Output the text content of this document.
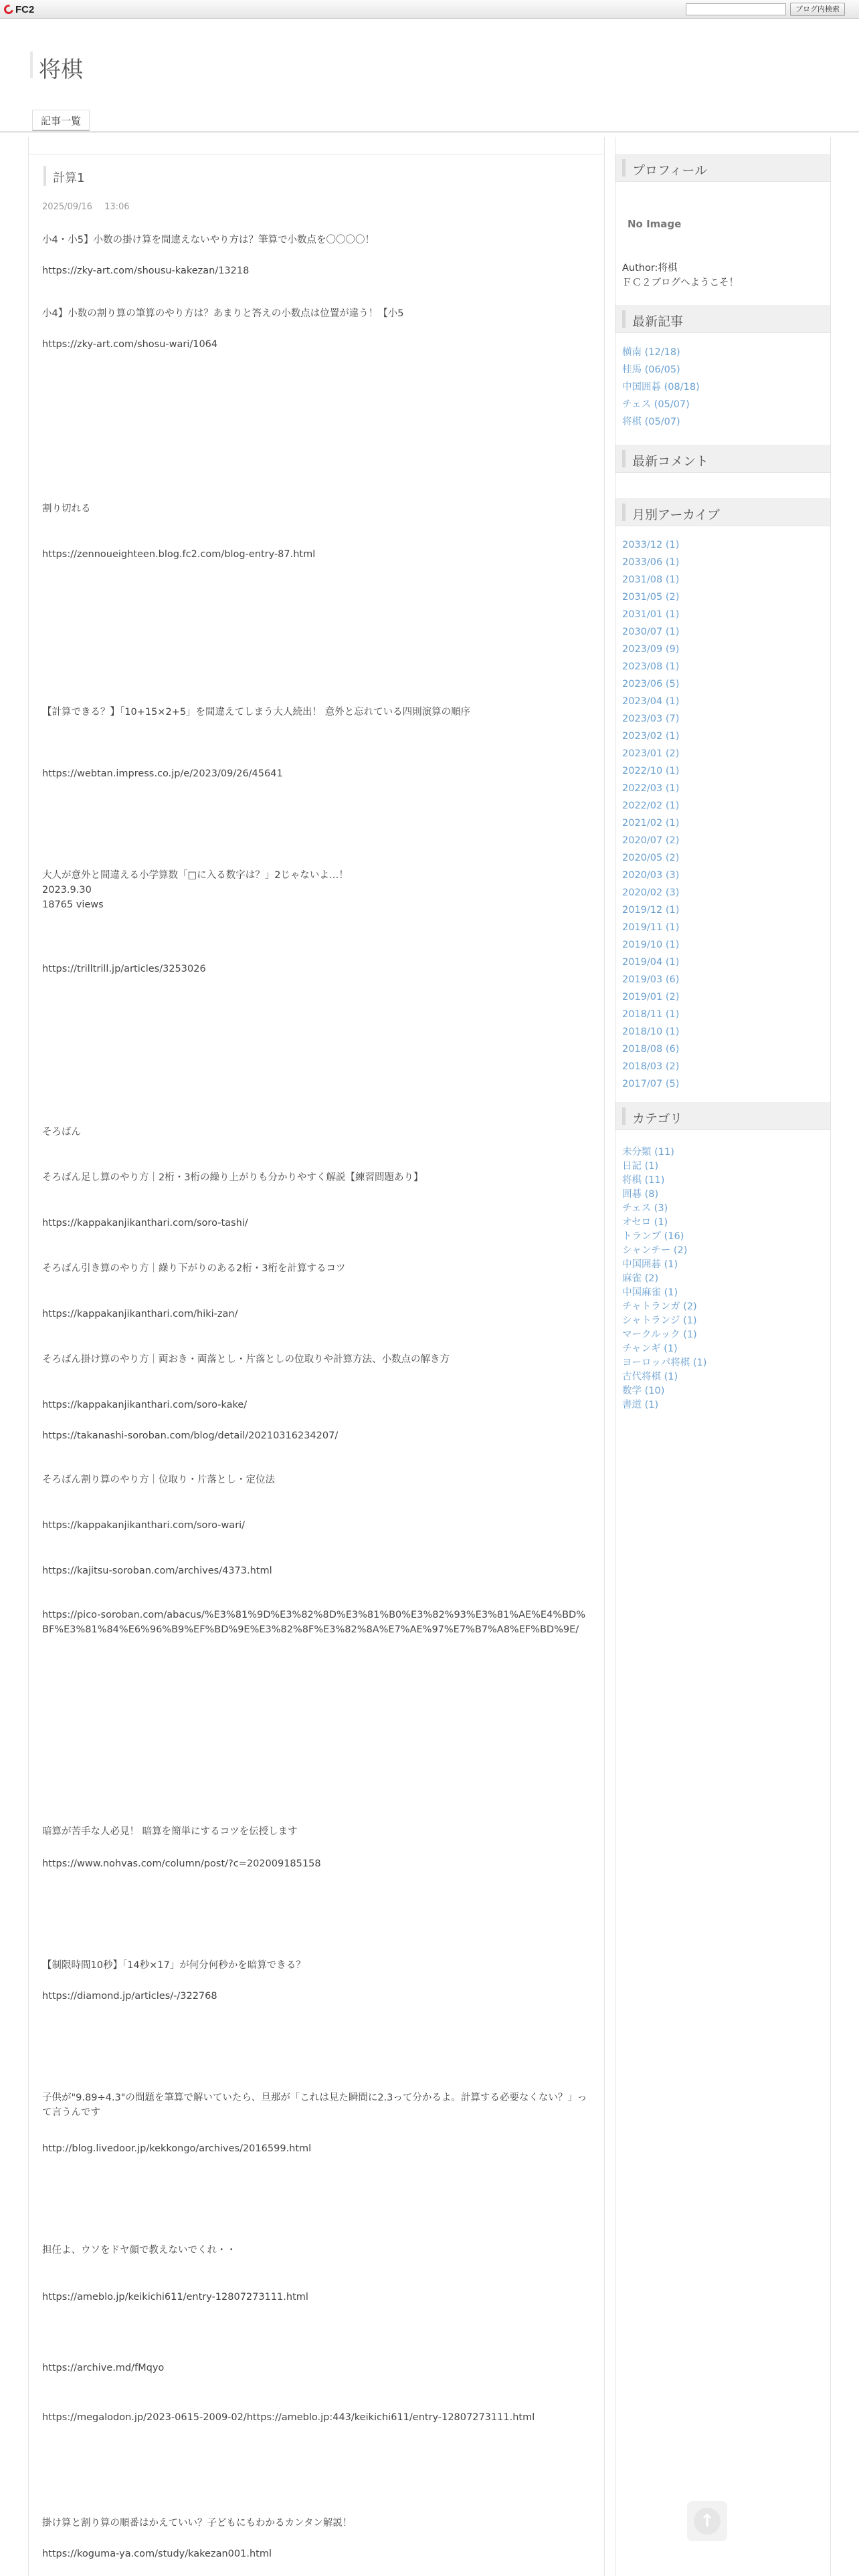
FC2	ブログ内検索
将棋
記事一覧
計算1
2025/09/16 13:06
小4・小5】小数の掛け算を間違えないやり方は？筆算で小数点を〇〇〇〇！
https://zky-art.com/shousu-kakezan/13218
小4】小数の割り算の筆算のやり方は？あまりと答えの小数点は位置が違う！【小5
https://zky-art.com/shosu-wari/1064
割り切れる
https://zennoueighteen.blog.fc2.com/blog-entry-87.html
【計算できる？】「10+15×2+5」を間違えてしまう大人続出！ 意外と忘れている四則演算の順序
https://webtan.impress.co.jp/e/2023/09/26/45641
大人が意外と間違える小学算数「□に入る数字は？」2じゃないよ…！
2023.9.30
18765 views
https://trilltrill.jp/articles/3253026
そろばん
そろばん足し算のやり方｜2桁・3桁の繰り上がりも分かりやすく解説【練習問題あり】
https://kappakanjikanthari.com/soro-tashi/
そろばん引き算のやり方｜繰り下がりのある2桁・3桁を計算するコツ
https://kappakanjikanthari.com/hiki-zan/
そろばん掛け算のやり方｜両おき・両落とし・片落としの位取りや計算方法、小数点の解き方
https://kappakanjikanthari.com/soro-kake/
https://takanashi-soroban.com/blog/detail/20210316234207/
そろばん割り算のやり方｜位取り・片落とし・定位法
https://kappakanjikanthari.com/soro-wari/
https://kajitsu-soroban.com/archives/4373.html
https://pico-soroban.com/abacus/%E3%81%9D%E3%82%8D%E3%81%B0%E3%82%93%E3%81%AE%E4%BD%BF%E3%81%84%E6%96%B9%EF%BD%9E%E3%82%8F%E3%82%8A%E7%AE%97%E7%B7%A8%EF%BD%9E/
暗算が苦手な人必見！ 暗算を簡単にするコツを伝授します
https://www.nohvas.com/column/post/?c=202009185158
【制限時間10秒】「14秒×17」が何分何秒かを暗算できる？
https://diamond.jp/articles/-/322768
子供が"9.89÷4.3"の問題を筆算で解いていたら、旦那が「これは見た瞬間に2.3って分かるよ。計算する必要なくない？」って言うんです
http://blog.livedoor.jp/kekkongo/archives/2016599.html
担任よ、ウソをドヤ顔で教えないでくれ・・
https://ameblo.jp/keikichi611/entry-12807273111.html
https://archive.md/fMqyo
https://megalodon.jp/2023-0615-2009-02/https://ameblo.jp:443/keikichi611/entry-12807273111.html
掛け算と割り算の順番はかえていい？子どもにもわかるカンタン解説！
https://koguma-ya.com/study/kakezan001.html
プロフィール
No Image
Author:将棋
ＦＣ２ブログへようこそ！
最新記事
横南 (12/18)
桂馬 (06/05)
中国囲碁 (08/18)
チェス (05/07)
将棋 (05/07)
最新コメント
月別アーカイブ
2033/12 (1)
2033/06 (1)
2031/08 (1)
2031/05 (2)
2031/01 (1)
2030/07 (1)
2023/09 (9)
2023/08 (1)
2023/06 (5)
2023/04 (1)
2023/03 (7)
2023/02 (1)
2023/01 (2)
2022/10 (1)
2022/03 (1)
2022/02 (1)
2021/02 (1)
2020/07 (2)
2020/05 (2)
2020/03 (3)
2020/02 (3)
2019/12 (1)
2019/11 (1)
2019/10 (1)
2019/04 (1)
2019/03 (6)
2019/01 (2)
2018/11 (1)
2018/10 (1)
2018/08 (6)
2018/03 (2)
2017/07 (5)
カテゴリ
未分類 (11)
日記 (1)
将棋 (11)
囲碁 (8)
チェス (3)
オセロ (1)
トランプ (16)
シャンチー (2)
中国囲碁 (1)
麻雀 (2)
中国麻雀 (1)
チャトランガ (2)
シャトランジ (1)
マークルック (1)
チャンギ (1)
ヨーロッパ将棋 (1)
古代将棋 (1)
数学 (10)
書道 (1)
↑
